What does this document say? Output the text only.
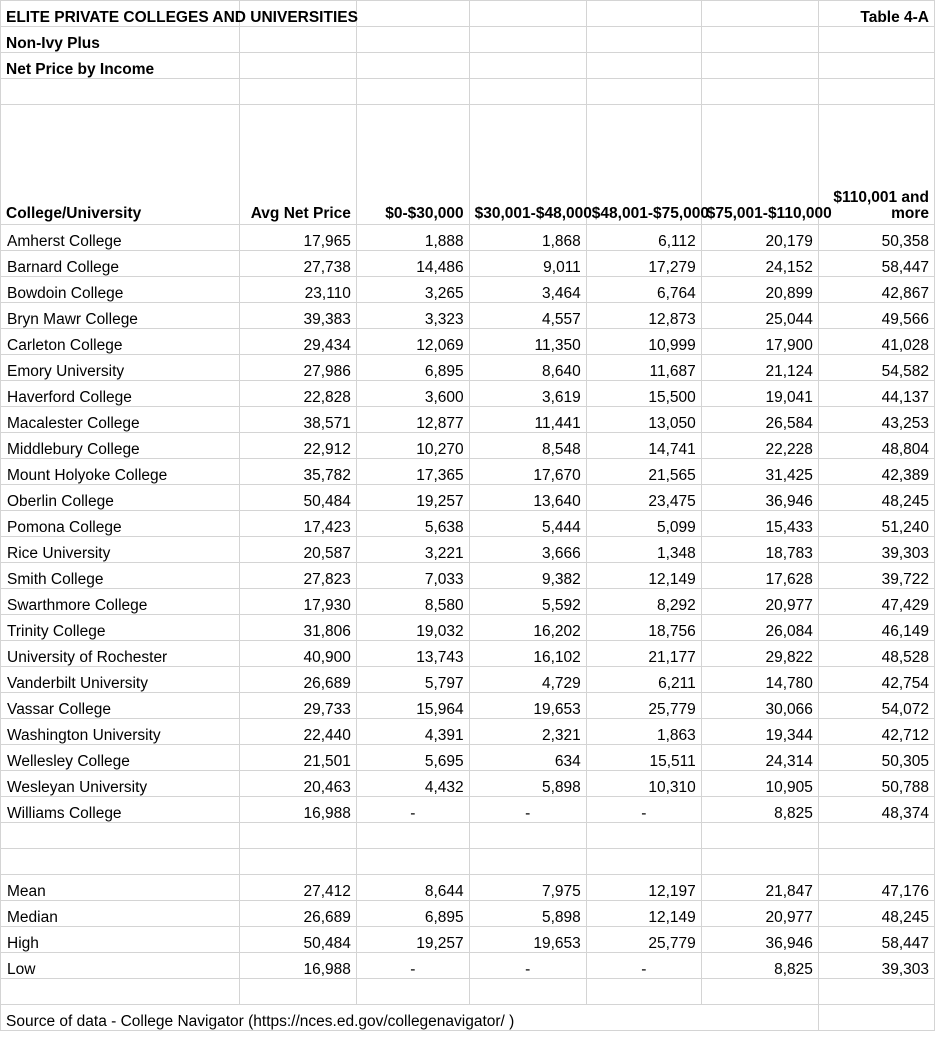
ELITE PRIVATE COLLEGES AND UNIVERSITIES						Table 4-A
Non-Ivy Plus						
Net Price by Income						

College/University	Avg Net Price	$0-$30,000	$30,001-$48,000	$48,001-$75,000	$75,001-$110,000	$110,001 and more
Amherst College	17,965	1,888	1,868	6,112	20,179	50,358
Barnard College	27,738	14,486	9,011	17,279	24,152	58,447
Bowdoin College	23,110	3,265	3,464	6,764	20,899	42,867
Bryn Mawr College	39,383	3,323	4,557	12,873	25,044	49,566
Carleton College	29,434	12,069	11,350	10,999	17,900	41,028
Emory University	27,986	6,895	8,640	11,687	21,124	54,582
Haverford College	22,828	3,600	3,619	15,500	19,041	44,137
Macalester College	38,571	12,877	11,441	13,050	26,584	43,253
Middlebury College	22,912	10,270	8,548	14,741	22,228	48,804
Mount Holyoke College	35,782	17,365	17,670	21,565	31,425	42,389
Oberlin College	50,484	19,257	13,640	23,475	36,946	48,245
Pomona College	17,423	5,638	5,444	5,099	15,433	51,240
Rice University	20,587	3,221	3,666	1,348	18,783	39,303
Smith College	27,823	7,033	9,382	12,149	17,628	39,722
Swarthmore College	17,930	8,580	5,592	8,292	20,977	47,429
Trinity College	31,806	19,032	16,202	18,756	26,084	46,149
University of Rochester	40,900	13,743	16,102	21,177	29,822	48,528
Vanderbilt University	26,689	5,797	4,729	6,211	14,780	42,754
Vassar College	29,733	15,964	19,653	25,779	30,066	54,072
Washington University	22,440	4,391	2,321	1,863	19,344	42,712
Wellesley College	21,501	5,695	634	15,511	24,314	50,305
Wesleyan University	20,463	4,432	5,898	10,310	10,905	50,788
Williams College	16,988	-	-	-	8,825	48,374

Mean	27,412	8,644	7,975	12,197	21,847	47,176
Median	26,689	6,895	5,898	12,149	20,977	48,245
High	50,484	19,257	19,653	25,779	36,946	58,447
Low	16,988	-	-	-	8,825	39,303

Source of data - College Navigator (https://nces.ed.gov/collegenavigator/ )						
